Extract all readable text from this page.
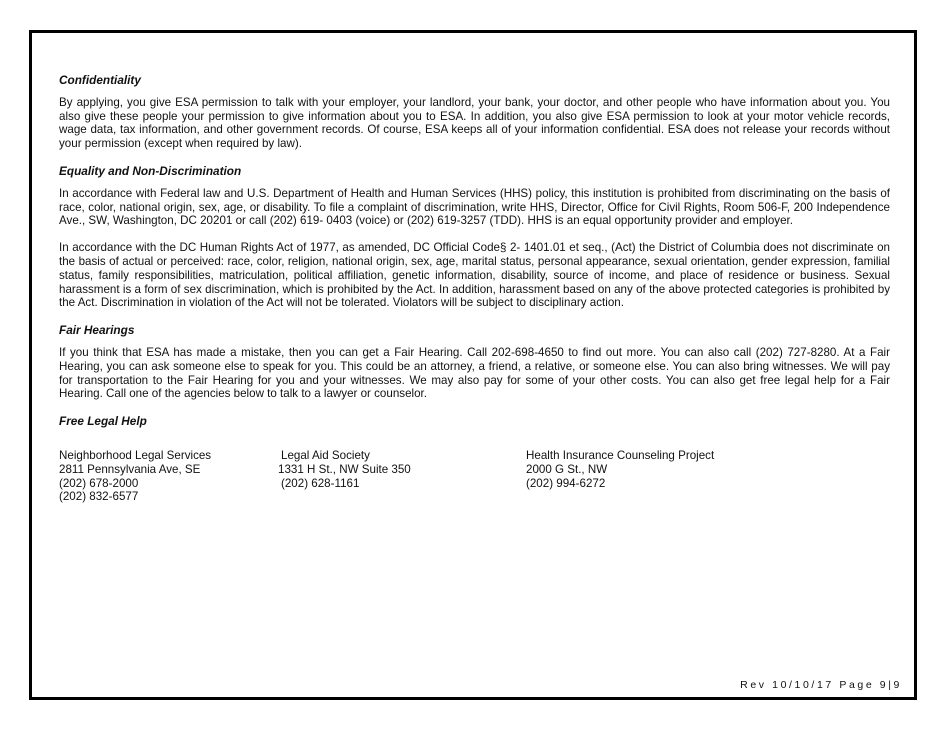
Confidentiality

By applying, you give ESA permission to talk with your employer, your landlord, your bank, your doctor, and other people who have information about you. You also give these people your permission to give information about you to ESA. In addition, you also give ESA permission to look at your motor vehicle records, wage data, tax information, and other government records. Of course, ESA keeps all of your information confidential. ESA does not release your records without your permission (except when required by law).

Equality and Non-Discrimination

In accordance with Federal law and U.S. Department of Health and Human Services (HHS) policy, this institution is prohibited from discriminating on the basis of race, color, national origin, sex, age, or disability. To file a complaint of discrimination, write HHS, Director, Office for Civil Rights, Room 506-F, 200 Independence Ave., SW, Washington, DC 20201 or call (202) 619- 0403 (voice) or (202) 619-3257 (TDD). HHS is an equal opportunity provider and employer.

In accordance with the DC Human Rights Act of 1977, as amended, DC Official Code§ 2- 1401.01 et seq., (Act) the District of Columbia does not discriminate on the basis of actual or perceived: race, color, religion, national origin, sex, age, marital status, personal appearance, sexual orientation, gender expression, familial status, family responsibilities, matriculation, political affiliation, genetic information, disability, source of income, and place of residence or business. Sexual harassment is a form of sex discrimination, which is prohibited by the Act. In addition, harassment based on any of the above protected categories is prohibited by the Act. Discrimination in violation of the Act will not be tolerated. Violators will be subject to disciplinary action.

Fair Hearings

If you think that ESA has made a mistake, then you can get a Fair Hearing. Call 202-698-4650 to find out more. You can also call (202) 727-8280. At a Fair Hearing, you can ask someone else to speak for you. This could be an attorney, a friend, a relative, or someone else. You can also bring witnesses. We will pay for transportation to the Fair Hearing for you and your witnesses. We may also pay for some of your other costs. You can also get free legal help for a Fair Hearing. Call one of the agencies below to talk to a lawyer or counselor.

Free Legal Help
Neighborhood Legal Services
2811 Pennsylvania Ave, SE
(202) 678-2000
(202) 832-6577
Legal Aid Society
1331 H St., NW Suite 350
(202) 628-1161
Health Insurance Counseling Project
2000 G St., NW
(202) 994-6272
Rev 10/10/17 Page 9|9
